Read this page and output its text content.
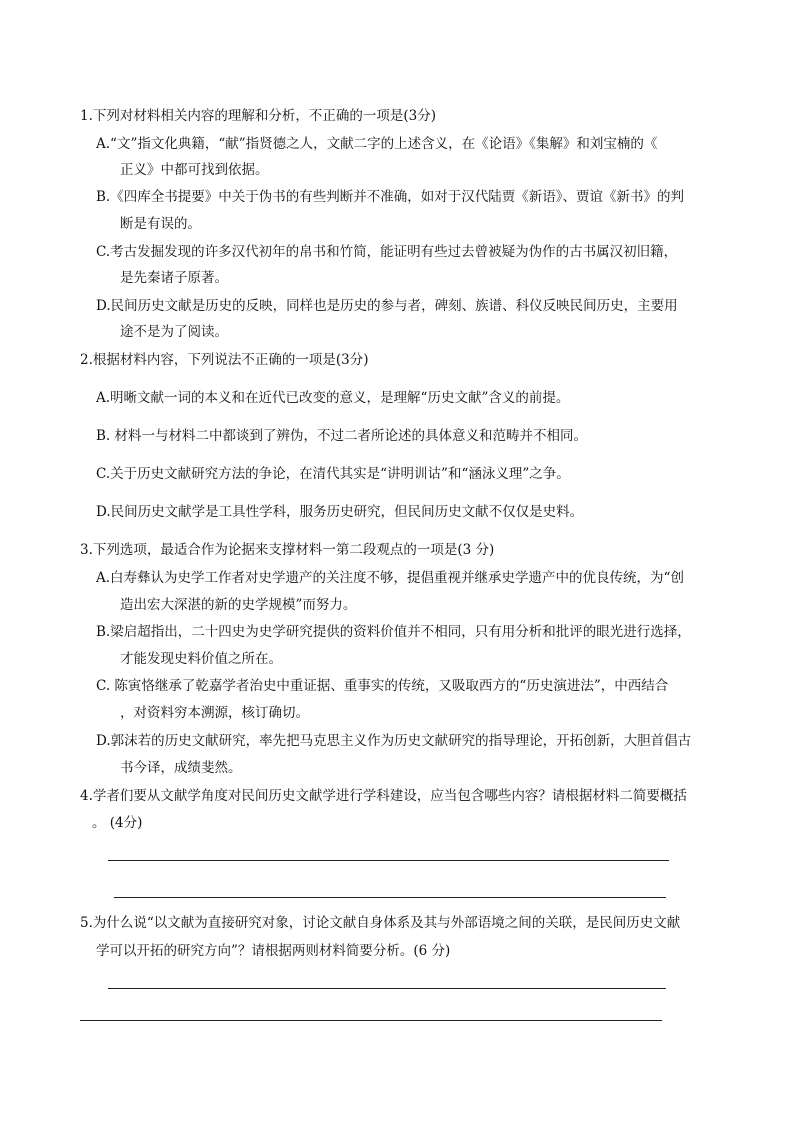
1.下列对材料相关内容的理解和分析，不正确的一项是(3分)
A.“文”指文化典籍，“献”指贤德之人，文献二字的上述含义，在《论语》《集解》和刘宝楠的《
正义》中都可找到依据。
B.《四库全书提要》中关于伪书的有些判断并不准确，如对于汉代陆贾《新语》、贾谊《新书》的判
断是有误的。
C.考古发掘发现的许多汉代初年的帛书和竹简，能证明有些过去曾被疑为伪作的古书属汉初旧籍，
是先秦诸子原著。
D.民间历史文献是历史的反映，同样也是历史的参与者，碑刻、族谱、科仪反映民间历史，主要用
途不是为了阅读。
2.根据材料内容，下列说法不正确的一项是(3分)
A.明晰文献一词的本义和在近代已改变的意义，是理解“历史文献”含义的前提。
B. 材料一与材料二中都谈到了辨伪，不过二者所论述的具体意义和范畴并不相同。
C.关于历史文献研究方法的争论，在清代其实是“讲明训诂”和“涵泳义理”之争。
D.民间历史文献学是工具性学科，服务历史研究，但民间历史文献不仅仅是史料。
3.下列选项，最适合作为论据来支撑材料一第二段观点的一项是(3 分)
A.白寿彝认为史学工作者对史学遗产的关注度不够，提倡重视并继承史学遗产中的优良传统，为“创
造出宏大深湛的新的史学规模”而努力。
B.梁启超指出，二十四史为史学研究提供的资料价值并不相同，只有用分析和批评的眼光进行选择，
才能发现史料价值之所在。
C. 陈寅恪继承了乾嘉学者治史中重证据、重事实的传统，又吸取西方的“历史演进法”，中西结合
，对资料穷本溯源，核订确切。
D.郭沫若的历史文献研究，率先把马克思主义作为历史文献研究的指导理论，开拓创新，大胆首倡古
书今译，成绩斐然。
4.学者们要从文献学角度对民间历史文献学进行学科建设，应当包含哪些内容？请根据材料二简要概括
。 (4分)
5.为什么说“以文献为直接研究对象，讨论文献自身体系及其与外部语境之间的关联，是民间历史文献
学可以开拓的研究方向”？请根据两则材料简要分析。(6 分)
